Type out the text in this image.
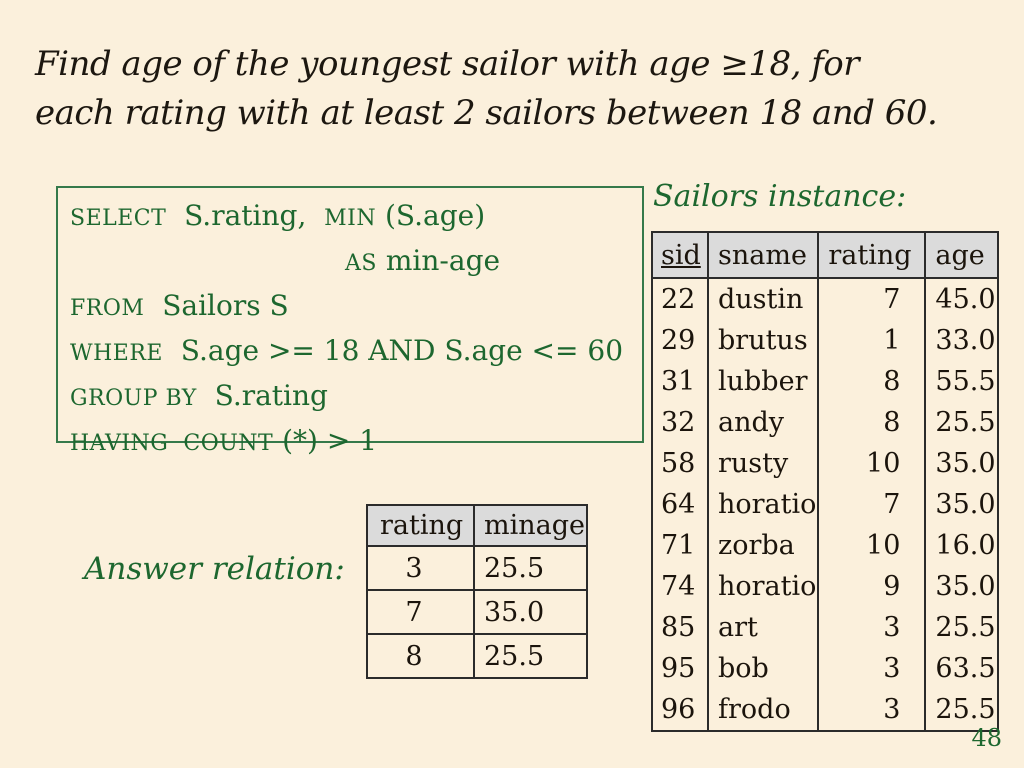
Find age of the youngest sailor with age ≥18, for
each rating with at least 2 sailors between 18 and 60.
SELECT  S.rating,  MIN (S.age)
AS min-age
FROM  Sailors S
WHERE  S.age >= 18 AND S.age <= 60
GROUP BY  S.rating
HAVING  COUNT (*) > 1
Sailors instance:
sid	sname	rating	age
22	dustin	7	45.0
29	brutus	1	33.0
31	lubber	8	55.5
32	andy	8	25.5
58	rusty	10	35.0
64	horatio	7	35.0
71	zorba	10	16.0
74	horatio	9	35.0
85	art	3	25.5
95	bob	3	63.5
96	frodo	3	25.5
Answer relation:
rating	minage
3	25.5
7	35.0
8	25.5
48
